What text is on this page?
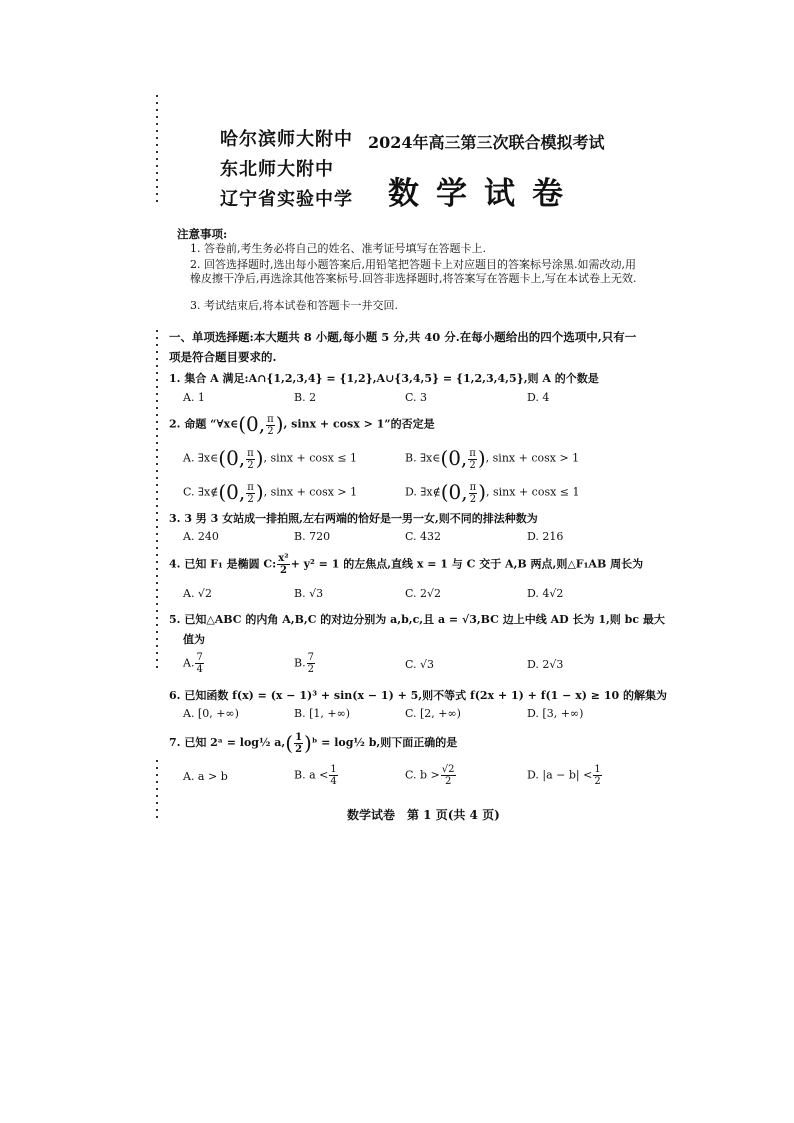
哈尔滨师大附中
东北师大附中
辽宁省实验中学
2024年高三第三次联合模拟考试
数学试卷
注意事项:
1. 答卷前,考生务必将自己的姓名、准考证号填写在答题卡上.
2. 回答选择题时,选出每小题答案后,用铅笔把答题卡上对应题目的答案标号涂黑.如需改动,用橡皮擦干净后,再选涂其他答案标号.回答非选择题时,将答案写在答题卡上,写在本试卷上无效.
3. 考试结束后,将本试卷和答题卡一并交回.
一、单项选择题:本大题共 8 小题,每小题 5 分,共 40 分.在每小题给出的四个选项中,只有一项是符合题目要求的.
1. 集合 A 满足:A∩{1,2,3,4} = {1,2},A∪{3,4,5} = {1,2,3,4,5},则 A 的个数是
A. 1	B. 2	C. 3	D. 4
2. 命题 “∀x∈(0, $\frac{\pi}{2}$ ), sinx + cosx > 1”的否定是
A. ∃x∈(0, $\frac{\pi}{2}$ ), sinx + cosx ≤ 1	B. ∃x∈(0, $\frac{\pi}{2}$ ), sinx + cosx > 1
C. ∃x∉(0, $\frac{\pi}{2}$ ), sinx + cosx > 1	D. ∃x∉(0, $\frac{\pi}{2}$ ), sinx + cosx ≤ 1
3. 3 男 3 女站成一排拍照,左右两端的恰好是一男一女,则不同的排法种数为
A. 240	B. 720	C. 432	D. 216
4. 已知 F₁ 是椭圆 C: $\frac{\text{x²}}{2} + y^2 = 1$ 的左焦点,直线 x = 1 与 C 交于 A,B 两点,则△F₁AB 周长为
A. √2	B. √3	C. 2√2	D. 4√2
5. 已知△ABC 的内角 A,B,C 的对边分别为 a,b,c,且 a = √3,BC 边上中线 AD 长为 1,则 bc 最大
值为
A. $\frac{7}{4}$	B. $\frac{7}{2}$	C. √3	D. 2√3
6. 已知函数 f(x) = (x − 1)³ + sin(x − 1) + 5,则不等式 f(2x + 1) + f(1 − x) ≥ 10 的解集为
A. [0, +∞)	B. [1, +∞)	C. [2, +∞)	D. [3, +∞)
7. 已知 2ᵃ = log½ $a,( \frac{1}{2}$ )ᵇ = log½ b,则下面正确的是
A. a > b	B. $a < \frac{1}{4}$	C. $b > \frac{√2}{2}$	D. $|a - b| < \frac{1}{2}$
数学试卷　第 1 页(共 4 页)
